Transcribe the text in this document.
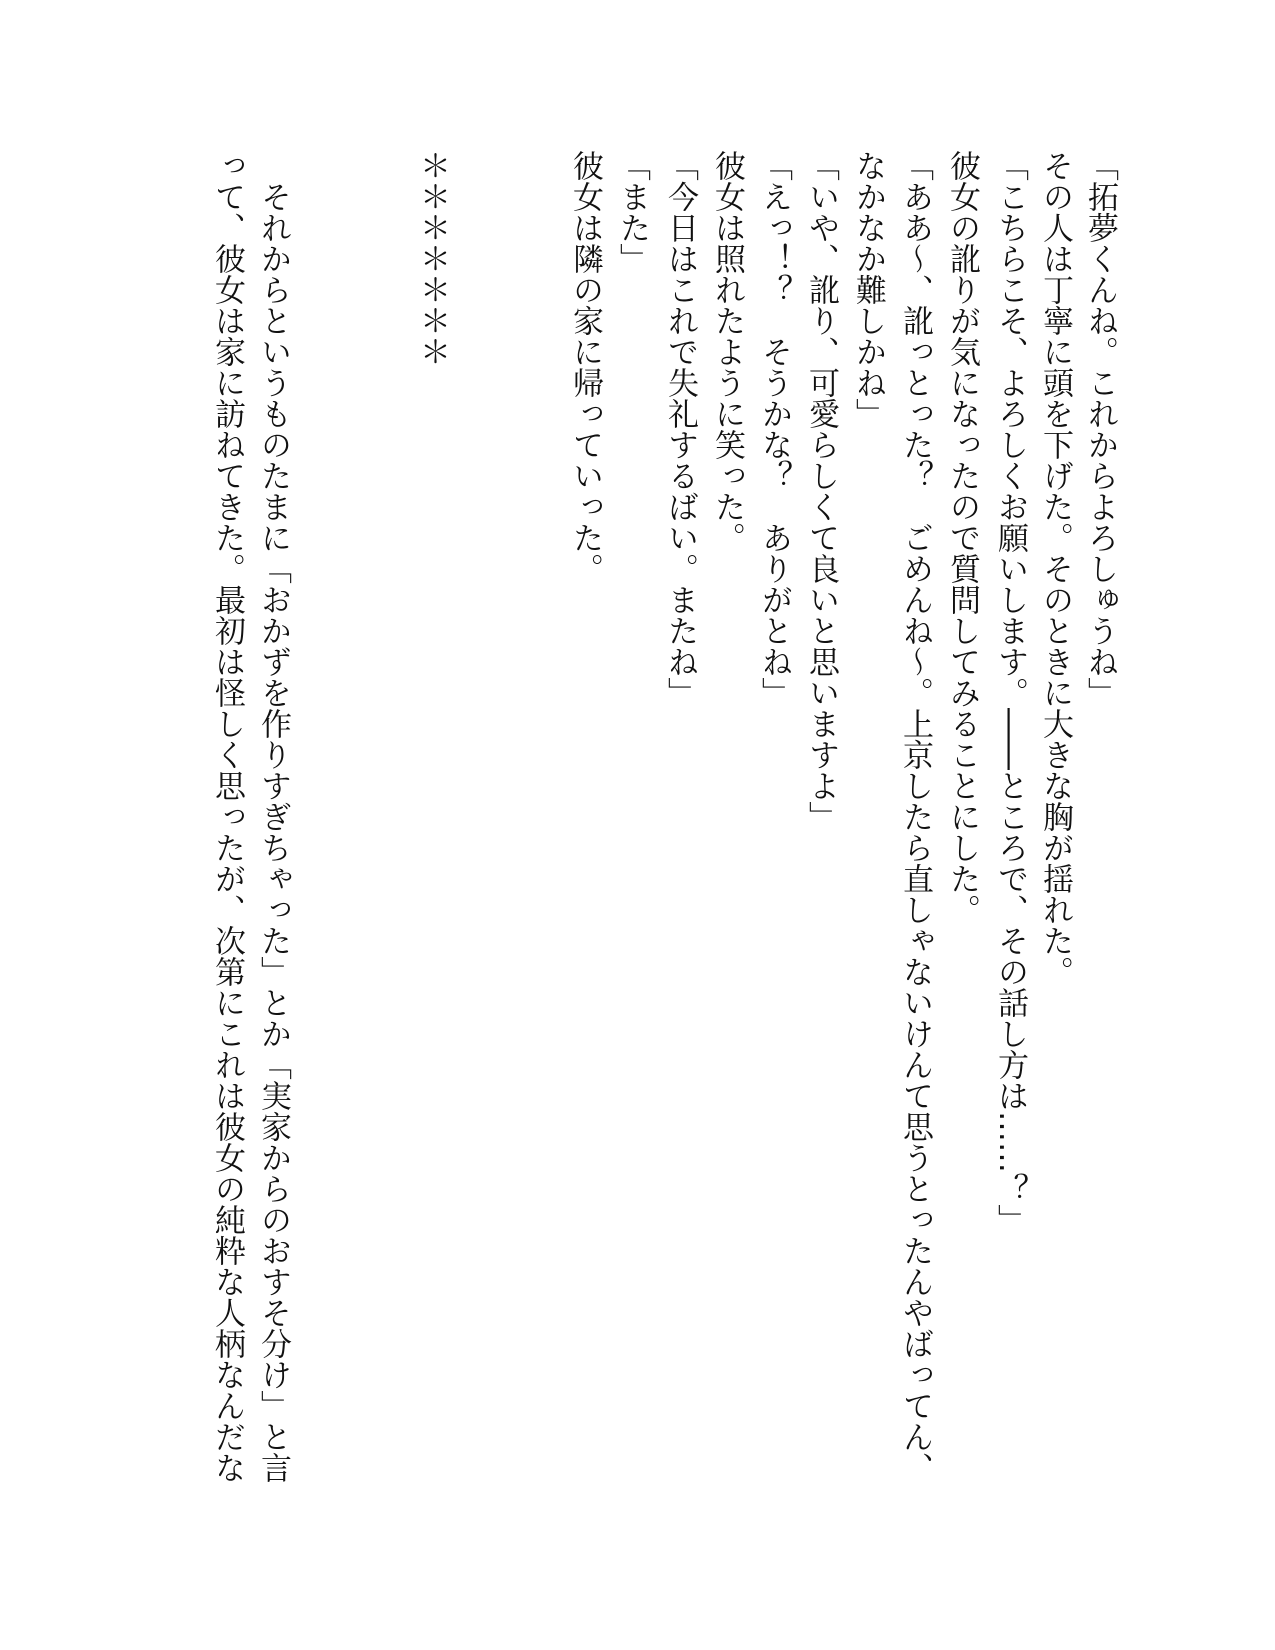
「拓夢くんね。これからよろしゅうね」
その人は丁寧に頭を下げた。そのときに大きな胸が揺れた。
「こちらこそ、よろしくお願いします。――ところで、その話し方は……？」
彼女の訛りが気になったので質問してみることにした。
「ああ～、訛っとった？　ごめんね～。上京したら直しゃないけんて思うとったんやばってん、
なかなか難しかね」
「いや、訛り、可愛らしくて良いと思いますよ」
「えっ！？　そうかな？　ありがとね」
彼女は照れたように笑った。
「今日はこれで失礼するばい。またね」
「また」
彼女は隣の家に帰っていった。
＊＊＊＊＊＊＊
　それからというものたまに「おかずを作りすぎちゃった」とか「実家からのおすそ分け」と言
って、彼女は家に訪ねてきた。最初は怪しく思ったが、次第にこれは彼女の純粋な人柄なんだな
